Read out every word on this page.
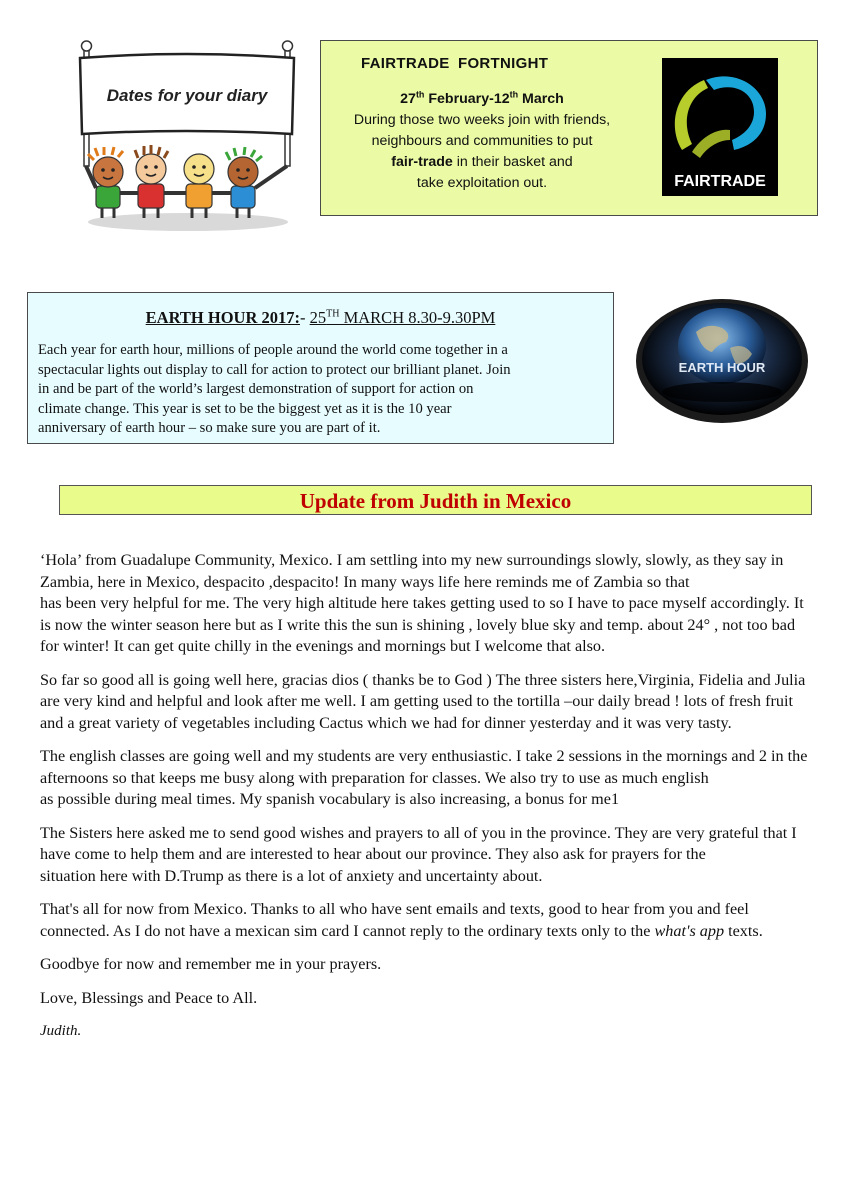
Dates for your diary
FAIRTRADE FORTNIGHT
27th February-12th March
During those two weeks join with friends,
neighbours and communities to put
fair-trade in their basket and
take exploitation out.	FAIRTRADE
EARTH HOUR 2017:- 25TH MARCH 8.30-9.30PM
Each year for earth hour, millions of people around the world come together in a
spectacular lights out display to call for action to protect our brilliant planet. Join
in and be part of the world’s largest demonstration of support for action on
climate change. This year is set to be the biggest yet as it is the 10 year
anniversary of earth hour – so make sure you are part of it.
EARTH HOUR
Update from Judith in Mexico

‘Hola’ from Guadalupe Community, Mexico. I am settling into my new surroundings slowly, slowly, as they say in Zambia, here in Mexico, despacito ,despacito! In many ways life here reminds me of Zambia so that

has been very helpful for me. The very high altitude here takes getting used to so I have to pace myself accordingly. It is now the winter season here but as I write this the sun is shining , lovely blue sky and temp. about 24° , not too bad for winter! It can get quite chilly in the evenings and mornings but I welcome that also.

So far so good all is going well here, gracias dios ( thanks be to God ) The three sisters here,Virginia, Fidelia and Julia are very kind and helpful and look after me well. I am getting used to the tortilla –our daily bread ! lots of fresh fruit and a great variety of vegetables including Cactus which we had for dinner yesterday and it was very tasty.

The english classes are going well and my students are very enthusiastic. I take 2 sessions in the mornings and 2 in the afternoons so that keeps me busy along with preparation for classes. We also try to use as much english

as possible during meal times. My spanish vocabulary is also increasing, a bonus for me1

The Sisters here asked me to send good wishes and prayers to all of you in the province. They are very grateful that I have come to help them and are interested to hear about our province. They also ask for prayers for the

situation here with D.Trump as there is a lot of anxiety and uncertainty about.

That's all for now from Mexico. Thanks to all who have sent emails and texts, good to hear from you and feel connected. As I do not have a mexican sim card I cannot reply to the ordinary texts only to the what's app texts.

Goodbye for now and remember me in your prayers.

Love, Blessings and Peace to All.

Judith.
